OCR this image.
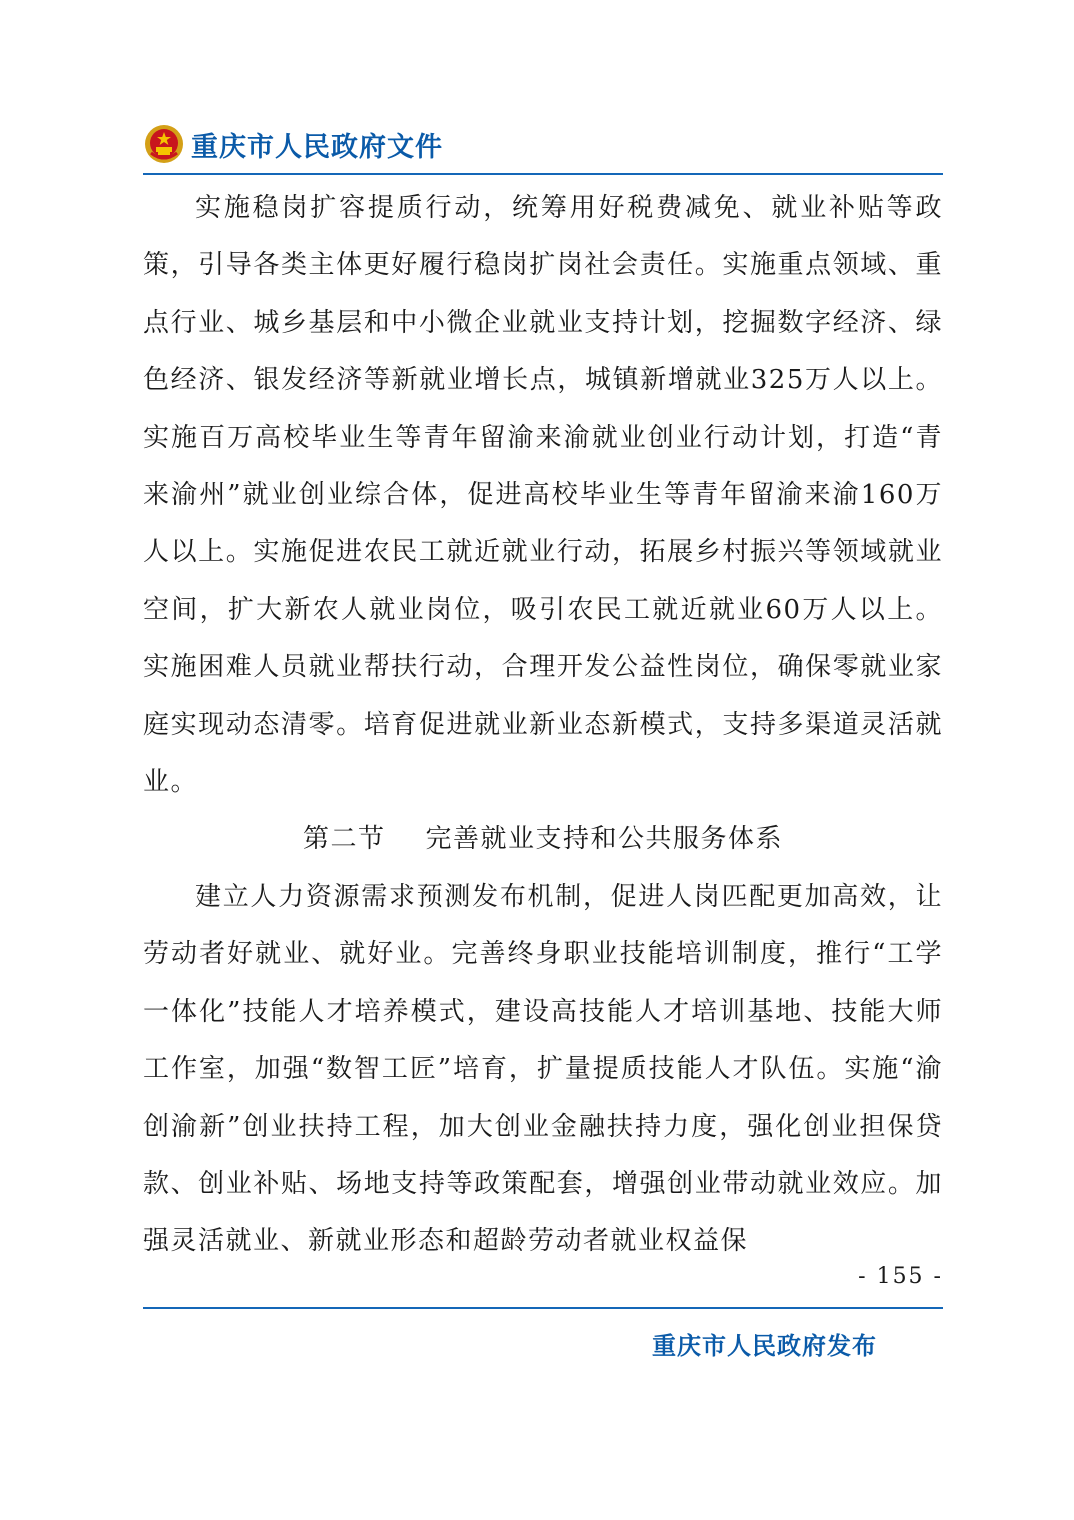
重庆市人民政府文件

实施稳岗扩容提质行动，统筹用好税费减免、就业补贴等政策，引导各类主体更好履行稳岗扩岗社会责任。实施重点领域、重点行业、城乡基层和中小微企业就业支持计划，挖掘数字经济、绿色经济、银发经济等新就业增长点，城镇新增就业325万人以上。实施百万高校毕业生等青年留渝来渝就业创业行动计划，打造“青来渝州”就业创业综合体，促进高校毕业生等青年留渝来渝160万人以上。实施促进农民工就近就业行动，拓展乡村振兴等领域就业空间，扩大新农人就业岗位，吸引农民工就近就业60万人以上。实施困难人员就业帮扶行动，合理开发公益性岗位，确保零就业家庭实现动态清零。培育促进就业新业态新模式，支持多渠道灵活就业。

第二节 完善就业支持和公共服务体系

建立人力资源需求预测发布机制，促进人岗匹配更加高效，让劳动者好就业、就好业。完善终身职业技能培训制度，推行“工学一体化”技能人才培养模式，建设高技能人才培训基地、技能大师工作室，加强“数智工匠”培育，扩量提质技能人才队伍。实施“渝创渝新”创业扶持工程，加大创业金融扶持力度，强化创业担保贷款、创业补贴、场地支持等政策配套，增强创业带动就业效应。加强灵活就业、新就业形态和超龄劳动者就业权益保

- 155 -
重庆市人民政府发布
